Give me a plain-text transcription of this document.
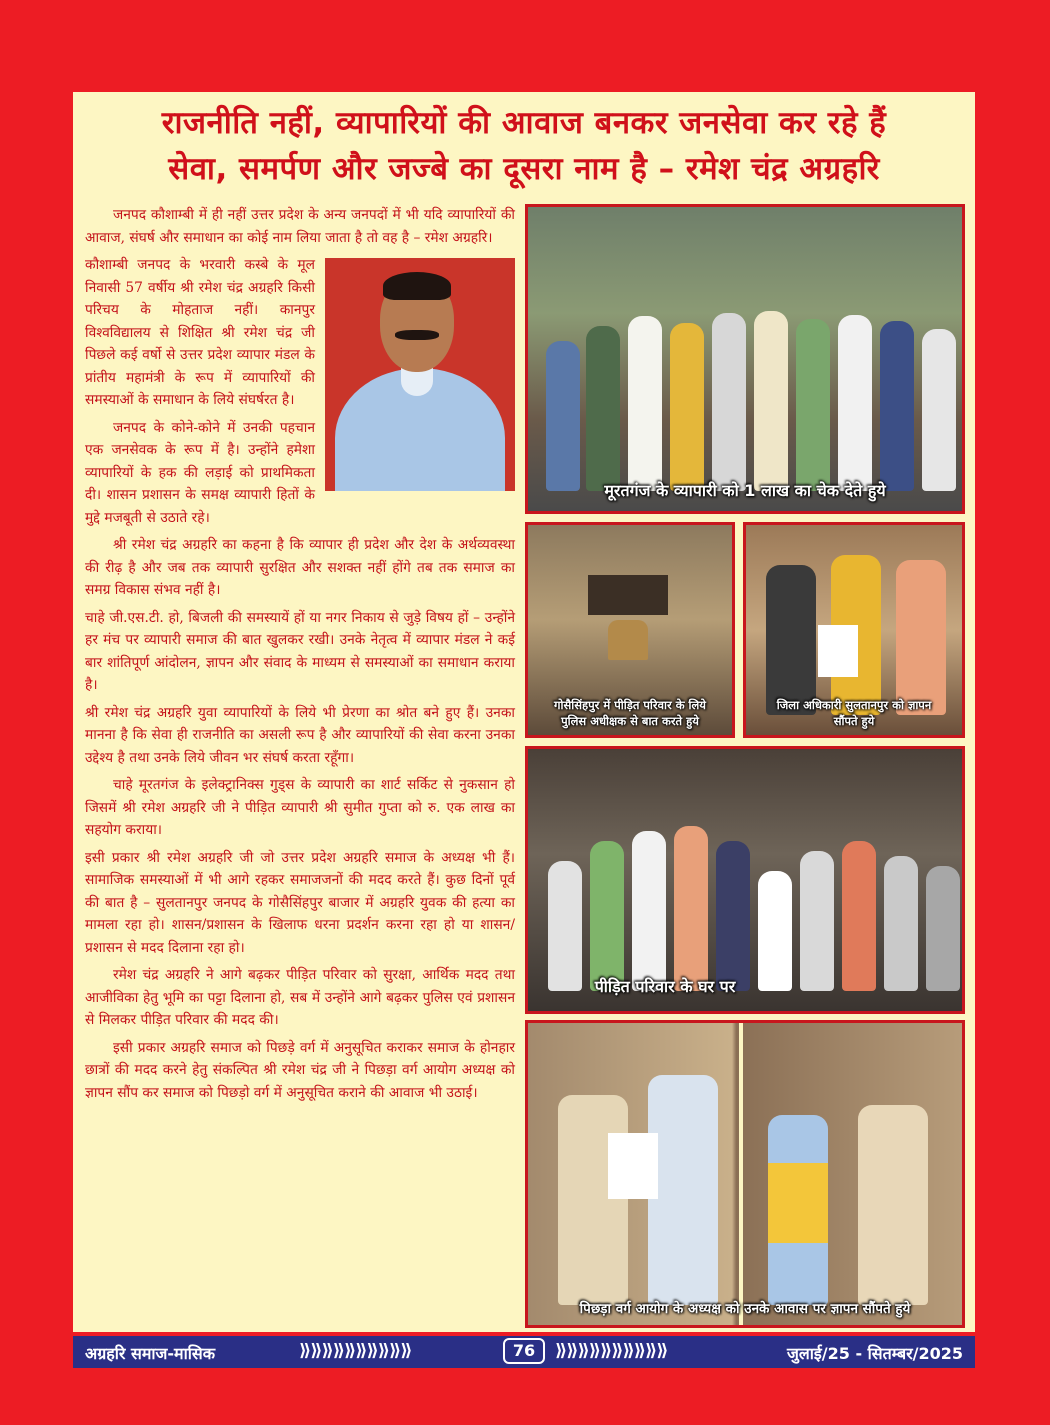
राजनीति नहीं, व्यापारियों की आवाज बनकर जनसेवा कर रहे हैं
सेवा, समर्पण और जज्बे का दूसरा नाम है – रमेश चंद्र अग्रहरि

जनपद कौशाम्बी में ही नहीं उत्तर प्रदेश के अन्य जनपदों में भी यदि व्यापारियों की आवाज, संघर्ष और समाधान का कोई नाम लिया जाता है तो वह है – रमेश अग्रहरि।

कौशाम्बी जनपद के भरवारी कस्बे के मूल निवासी 57 वर्षीय श्री रमेश चंद्र अग्रहरि किसी परिचय के मोहताज नहीं। कानपुर विश्वविद्यालय से शिक्षित श्री रमेश चंद्र जी पिछले कई वर्षो से उत्तर प्रदेश व्यापार मंडल के प्रांतीय महामंत्री के रूप में व्यापारियों की समस्याओं के समाधान के लिये संघर्षरत है।

जनपद के कोने-कोने में उनकी पहचान एक जनसेवक के रूप में है। उन्होंने हमेशा व्यापारियों के हक की लड़ाई को प्राथमिकता दी। शासन प्रशासन के समक्ष व्यापारी हितों के मुद्दे मजबूती से उठाते रहे।

श्री रमेश चंद्र अग्रहरि का कहना है कि व्यापार ही प्रदेश और देश के अर्थव्यवस्था की रीढ़ है और जब तक व्यापारी सुरक्षित और सशक्त नहीं होंगे तब तक समाज का समग्र विकास संभव नहीं है।

चाहे जी.एस.टी. हो, बिजली की समस्यायें हों या नगर निकाय से जुड़े विषय हों – उन्होंने हर मंच पर व्यापारी समाज की बात खुलकर रखी। उनके नेतृत्व में व्यापार मंडल ने कई बार शांतिपूर्ण आंदोलन, ज्ञापन और संवाद के माध्यम से समस्याओं का समाधान कराया है।

श्री रमेश चंद्र अग्रहरि युवा व्यापारियों के लिये भी प्रेरणा का श्रोत बने हुए हैं। उनका मानना है कि सेवा ही राजनीति का असली रूप है और व्यापारियों की सेवा करना उनका उद्देश्य है तथा उनके लिये जीवन भर संघर्ष करता रहूँगा।

चाहे मूरतगंज के इलेक्ट्रानिक्स गुड्स के व्यापारी का शार्ट सर्किट से नुकसान हो जिसमें श्री रमेश अग्रहरि जी ने पीड़ित व्यापारी श्री सुमीत गुप्ता को रु. एक लाख का सहयोग कराया।

इसी प्रकार श्री रमेश अग्रहरि जी जो उत्तर प्रदेश अग्रहरि समाज के अध्यक्ष भी हैं। सामाजिक समस्याओं में भी आगे रहकर समाजजनों की मदद करते हैं। कुछ दिनों पूर्व की बात है – सुलतानपुर जनपद के गोसैसिंहपुर बाजार में अग्रहरि युवक की हत्या का मामला रहा हो। शासन/प्रशासन के खिलाफ धरना प्रदर्शन करना रहा हो या शासन/प्रशासन से मदद दिलाना रहा हो।

रमेश चंद्र अग्रहरि ने आगे बढ़कर पीड़ित परिवार को सुरक्षा, आर्थिक मदद तथा आजीविका हेतु भूमि का पट्टा दिलाना हो, सब में उन्होंने आगे बढ़कर पुलिस एवं प्रशासन से मिलकर पीड़ित परिवार की मदद की।

इसी प्रकार अग्रहरि समाज को पिछड़े वर्ग में अनुसूचित कराकर समाज के होनहार छात्रों की मदद करने हेतु संकल्पित श्री रमेश चंद्र जी ने पिछड़ा वर्ग आयोग अध्यक्ष को ज्ञापन सौंप कर समाज को पिछड़ो वर्ग में अनुसूचित कराने की आवाज भी उठाई।

मूरतगंज के व्यापारी को 1 लाख का चेक देते हुये
गोसैसिंहपुर में पीड़ित परिवार के लिये
पुलिस अधीक्षक से बात करते हुये
जिला अधिकारी सुलतानपुर को ज्ञापन
सौंपते हुये
पीड़ित परिवार के घर पर
पिछड़ा वर्ग आयोग के अध्यक्ष को उनके आवास पर ज्ञापन सौंपते हुये
अग्रहरि समाज-मासिक	⟫⟫⟫⟫⟫⟫⟫⟫⟫⟫	76	⟫⟫⟫⟫⟫⟫⟫⟫⟫⟫	जुलाई/25 - सितम्बर/2025
